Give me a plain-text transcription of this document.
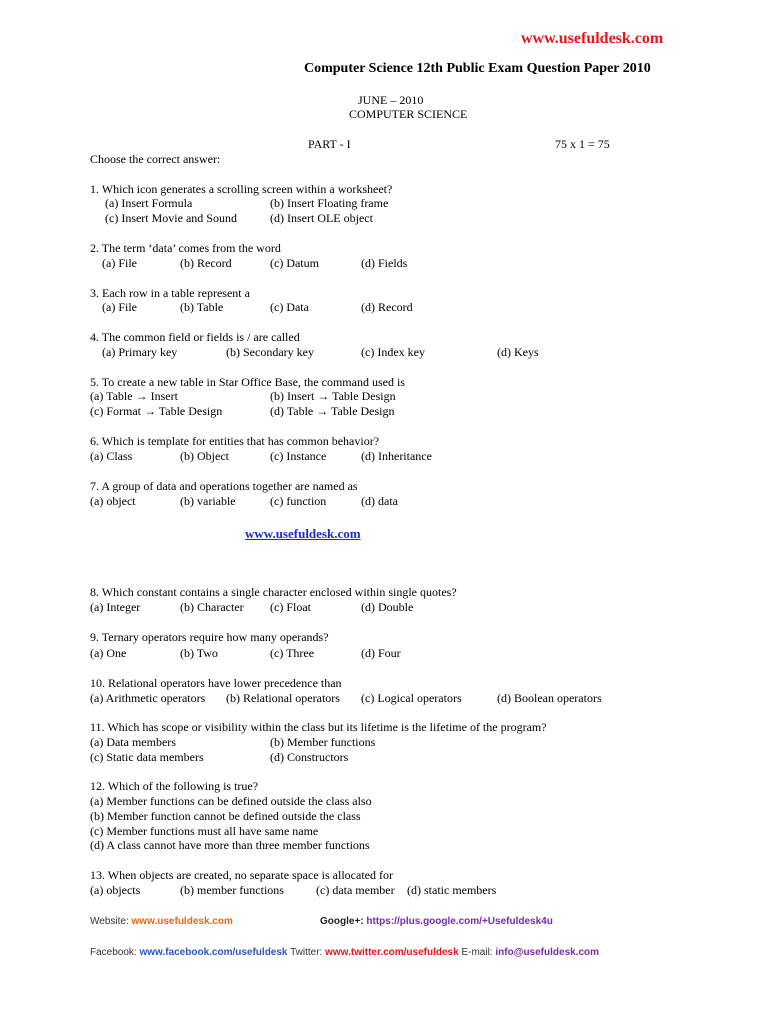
www.usefuldesk.com
Computer Science 12th Public Exam Question Paper 2010
JUNE – 2010
COMPUTER SCIENCE
PART - I	75 x 1 = 75
Choose the correct answer:
1. Which icon generates a scrolling screen within a worksheet?
(a) Insert Formula	(b) Insert Floating frame
(c) Insert Movie and Sound	(d) Insert OLE object
2. The term ‘data’ comes from the word
(a) File	(b) Record	(c) Datum	(d) Fields
3. Each row in a table represent a
(a) File	(b) Table	(c) Data	(d) Record
4. The common field or fields is / are called
(a) Primary key	(b) Secondary key	(c) Index key	(d) Keys
5. To create a new table in Star Office Base, the command used is
(a) Table → Insert	(b) Insert → Table Design
(c) Format → Table Design	(d) Table → Table Design
6. Which is template for entities that has common behavior?
(a) Class	(b) Object	(c) Instance	(d) Inheritance
7. A group of data and operations together are named as
(a) object	(b) variable	(c) function	(d) data
www.usefuldesk.com
8. Which constant contains a single character enclosed within single quotes?
(a) Integer	(b) Character (c) Float	(d) Double
9. Ternary operators require how many operands?
(a) One	(b) Two	(c) Three	(d) Four
10. Relational operators have lower precedence than
(a) Arithmetic operators (b) Relational operators (c) Logical operators	(d) Boolean operators
11. Which has scope or visibility within the class but its lifetime is the lifetime of the program?
(a) Data members	(b) Member functions
(c) Static data members	(d) Constructors
12. Which of the following is true?
(a) Member functions can be defined outside the class also
(b) Member function cannot be defined outside the class
(c) Member functions must all have same name
(d) A class cannot have more than three member functions
13. When objects are created, no separate space is allocated for
(a) objects	(b) member functions	(c) data member (d) static members
Website: www.usefuldesk.com	Google+: https://plus.google.com/+Usefuldesk4u
Facebook: www.facebook.com/usefuldesk Twitter: www.twitter.com/usefuldesk E-mail: info@usefuldesk.com
